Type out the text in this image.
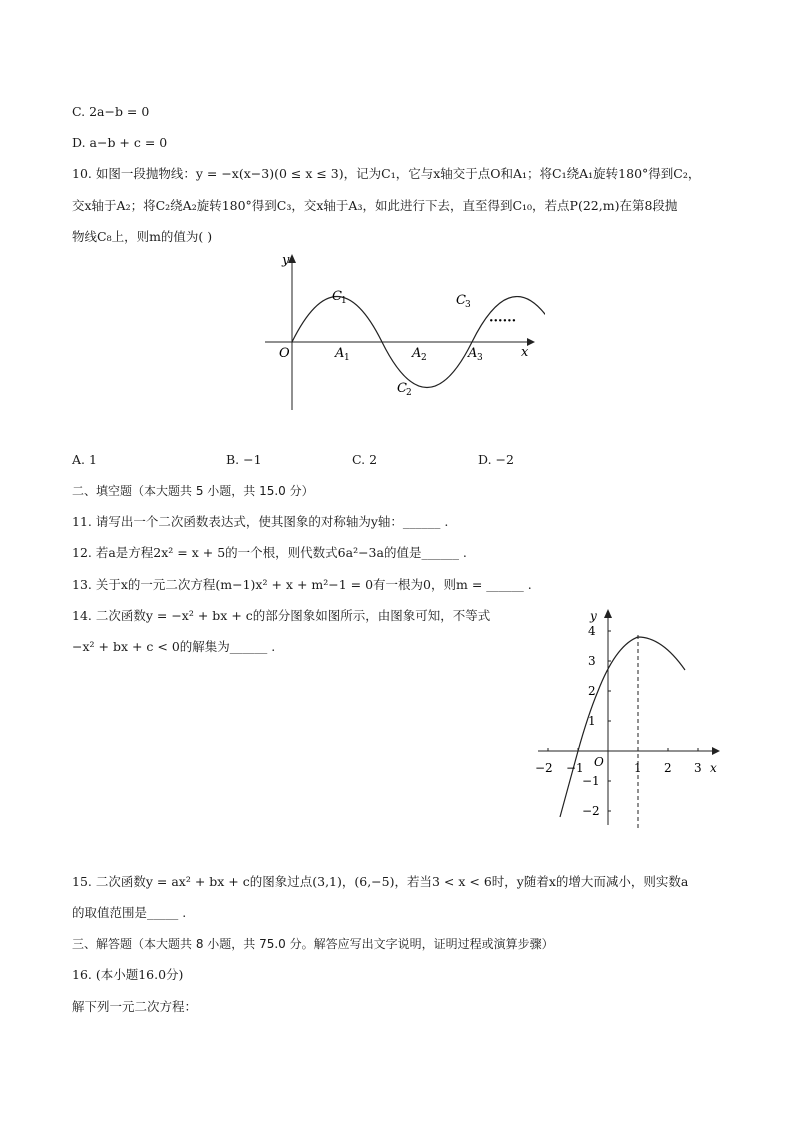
C. 2a−b = 0
D. a−b + c = 0
10. 如图一段抛物线：y = −x(x−3)(0 ≤ x ≤ 3)，记为C₁，它与x轴交于点O和A₁；将C₁绕A₁旋转180°得到C₂，
交x轴于A₂；将C₂绕A₂旋转180°得到C₃，交x轴于A₃，如此进行下去，直至得到C₁₀，若点P(22,m)在第8段抛
物线C₈上，则m的值为( )
y
x
O
C 1
C 2
C 3
A 1	A 2	A 3
······
A. 1	B. −1	C. 2	D. −2
二、填空题（本大题共 5 小题，共 15.0 分）
11. 请写出一个二次函数表达式，使其图象的对称轴为y轴：______ .
12. 若a是方程2x² = x + 5的一个根，则代数式6a²−3a的值是______ .
13. 关于x的一元二次方程(m−1)x² + x + m²−1 = 0有一根为0，则m = ______ .
14. 二次函数y = −x² + bx + c的部分图象如图所示，由图象可知，不等式
−x² + bx + c < 0的解集为______ .
−2 −1	1 2 3 x
O
y
4
3
2
1
−1
−2
15. 二次函数y = ax² + bx + c的图象过点(3,1)，(6,−5)，若当3 < x < 6时，y随着x的增大而减小，则实数a
的取值范围是_____ .
三、解答题（本大题共 8 小题，共 75.0 分。解答应写出文字说明，证明过程或演算步骤）
16. (本小题16.0分)
解下列一元二次方程：
